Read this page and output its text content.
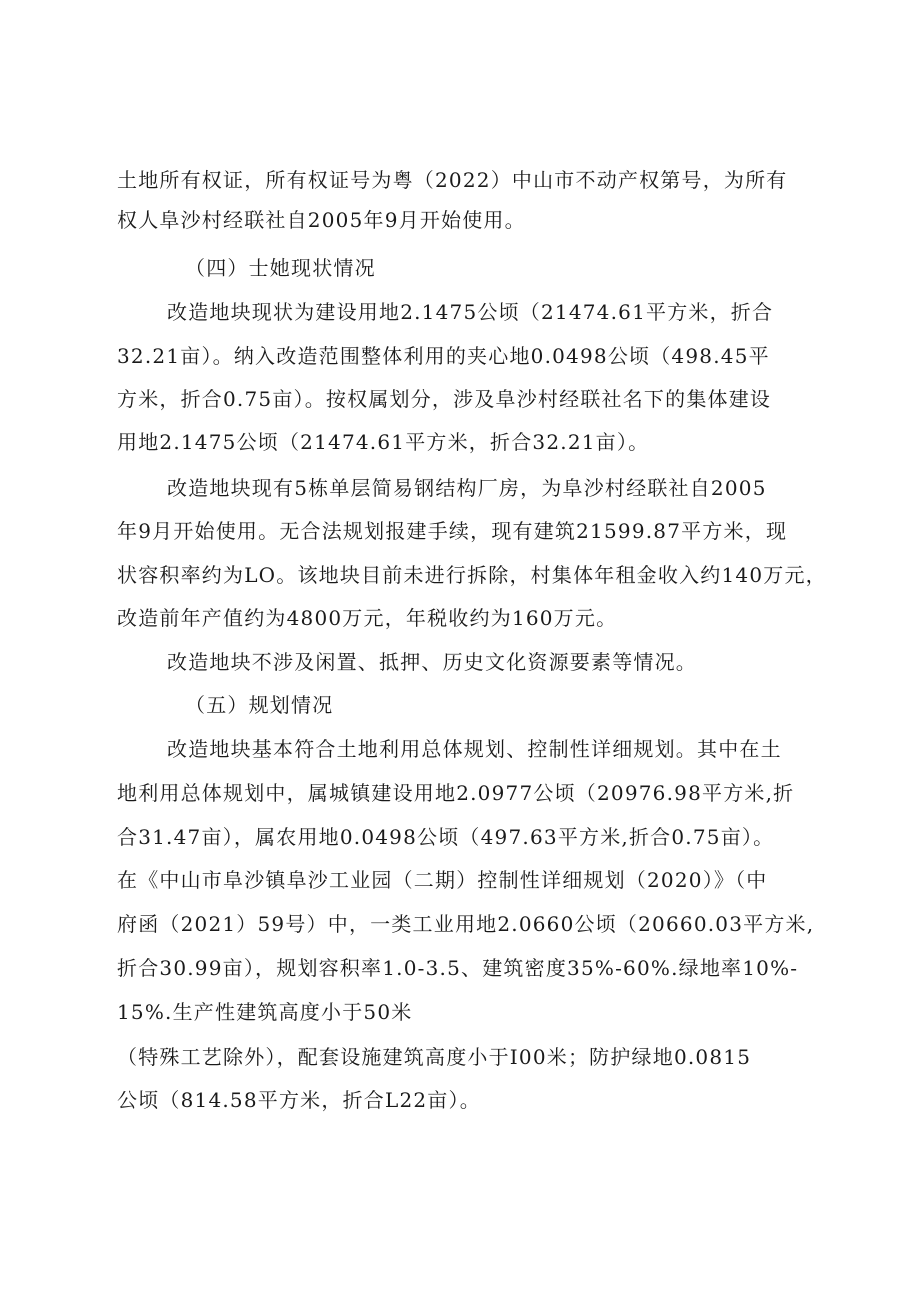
土地所有权证，所有权证号为粤（2022）中山市不动产权第号，为所有
权人阜沙村经联社自2005年9月开始使用。
（四）士她现状情况
改造地块现状为建设用地2.1475公顷（21474.61平方米，折合
32.21亩）。纳入改造范围整体利用的夹心地0.0498公顷（498.45平
方米，折合0.75亩）。按权属划分，涉及阜沙村经联社名下的集体建设
用地2.1475公顷（21474.61平方米，折合32.21亩）。
改造地块现有5栋单层简易钢结构厂房，为阜沙村经联社自2005
年9月开始使用。无合法规划报建手续，现有建筑21599.87平方米，现
状容积率约为LO。该地块目前未进行拆除，村集体年租金收入约140万元，
改造前年产值约为4800万元，年税收约为160万元。
改造地块不涉及闲置、抵押、历史文化资源要素等情况。
（五）规划情况
改造地块基本符合土地利用总体规划、控制性详细规划。其中在土
地利用总体规划中，属城镇建设用地2.0977公顷（20976.98平方米,折
合31.47亩），属农用地0.0498公顷（497.63平方米,折合0.75亩）。
在《中山市阜沙镇阜沙工业园（二期）控制性详细规划（2020）》（中
府函（2021）59号）中，一类工业用地2.0660公顷（20660.03平方米,
折合30.99亩），规划容积率1.0-3.5、建筑密度35%-60%.绿地率10%-
15%.生产性建筑高度小于50米
（特殊工艺除外），配套设施建筑高度小于I00米；防护绿地0.0815
公顷（814.58平方米，折合L22亩）。
